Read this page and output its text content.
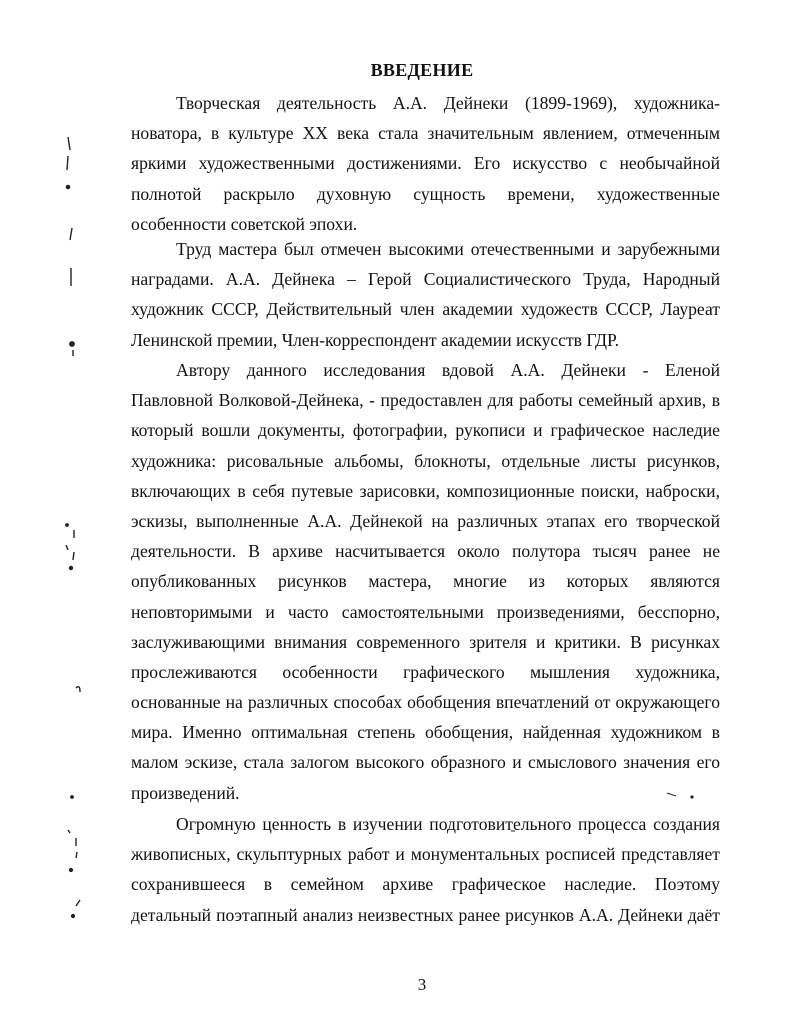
ВВЕДЕНИЕ
Творческая деятельность А.А. Дейнеки (1899-1969), художника-
новатора, в культуре XX века стала значительным явлением, отмеченным
яркими художественными достижениями. Его искусство с необычайной
полнотой раскрыло духовную сущность времени, художественные
особенности советской эпохи.
Труд мастера был отмечен высокими отечественными и зарубежными
наградами. А.А. Дейнека – Герой Социалистического Труда, Народный
художник СССР, Действительный член академии художеств СССР, Лауреат
Ленинской премии, Член-корреспондент академии искусств ГДР.
Автору данного исследования вдовой А.А. Дейнеки - Еленой
Павловной Волковой-Дейнека, - предоставлен для работы семейный архив, в
который вошли документы, фотографии, рукописи и графическое наследие
художника: рисовальные альбомы, блокноты, отдельные листы рисунков,
включающих в себя путевые зарисовки, композиционные поиски, наброски,
эскизы, выполненные А.А. Дейнекой на различных этапах его творческой
деятельности. В архиве насчитывается около полутора тысяч ранее не
опубликованных рисунков мастера, многие из которых являются
неповторимыми и часто самостоятельными произведениями, бесспорно,
заслуживающими внимания современного зрителя и критики. В рисунках
прослеживаются особенности графического мышления художника,
основанные на различных способах обобщения впечатлений от окружающего
мира. Именно оптимальная степень обобщения, найденная художником в
малом эскизе, стала залогом высокого образного и смыслового значения его
произведений.
Огромную ценность в изучении подготовительного процесса создания
живописных, скульптурных работ и монументальных росписей представляет
сохранившееся в семейном архиве графическое наследие. Поэтому
детальный поэтапный анализ неизвестных ранее рисунков А.А. Дейнеки даёт
3
